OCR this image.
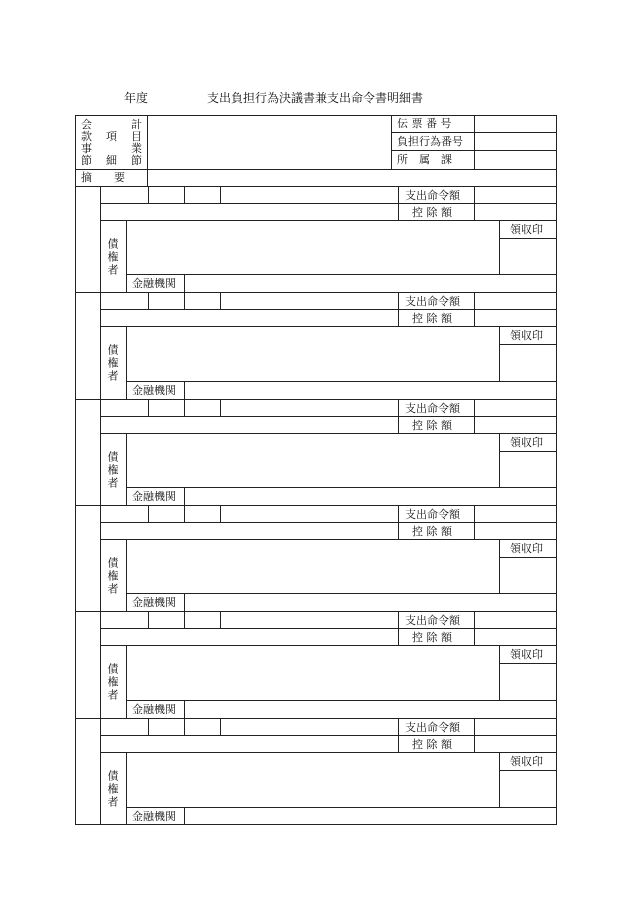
年度	支出負担行為決議書兼支出命令書明細書
会
款
事
節
項
細
計
目
業
節
伝 票 番 号
負担行為番号
所　属　課
摘　　要
支出命令額
控 除 額
領収印
債権者
金融機関
支出命令額
控 除 額
領収印
債権者
金融機関
支出命令額
控 除 額
領収印
債権者
金融機関
支出命令額
控 除 額
領収印
債権者
金融機関
支出命令額
控 除 額
領収印
債権者
金融機関
支出命令額
控 除 額
領収印
債権者
金融機関
